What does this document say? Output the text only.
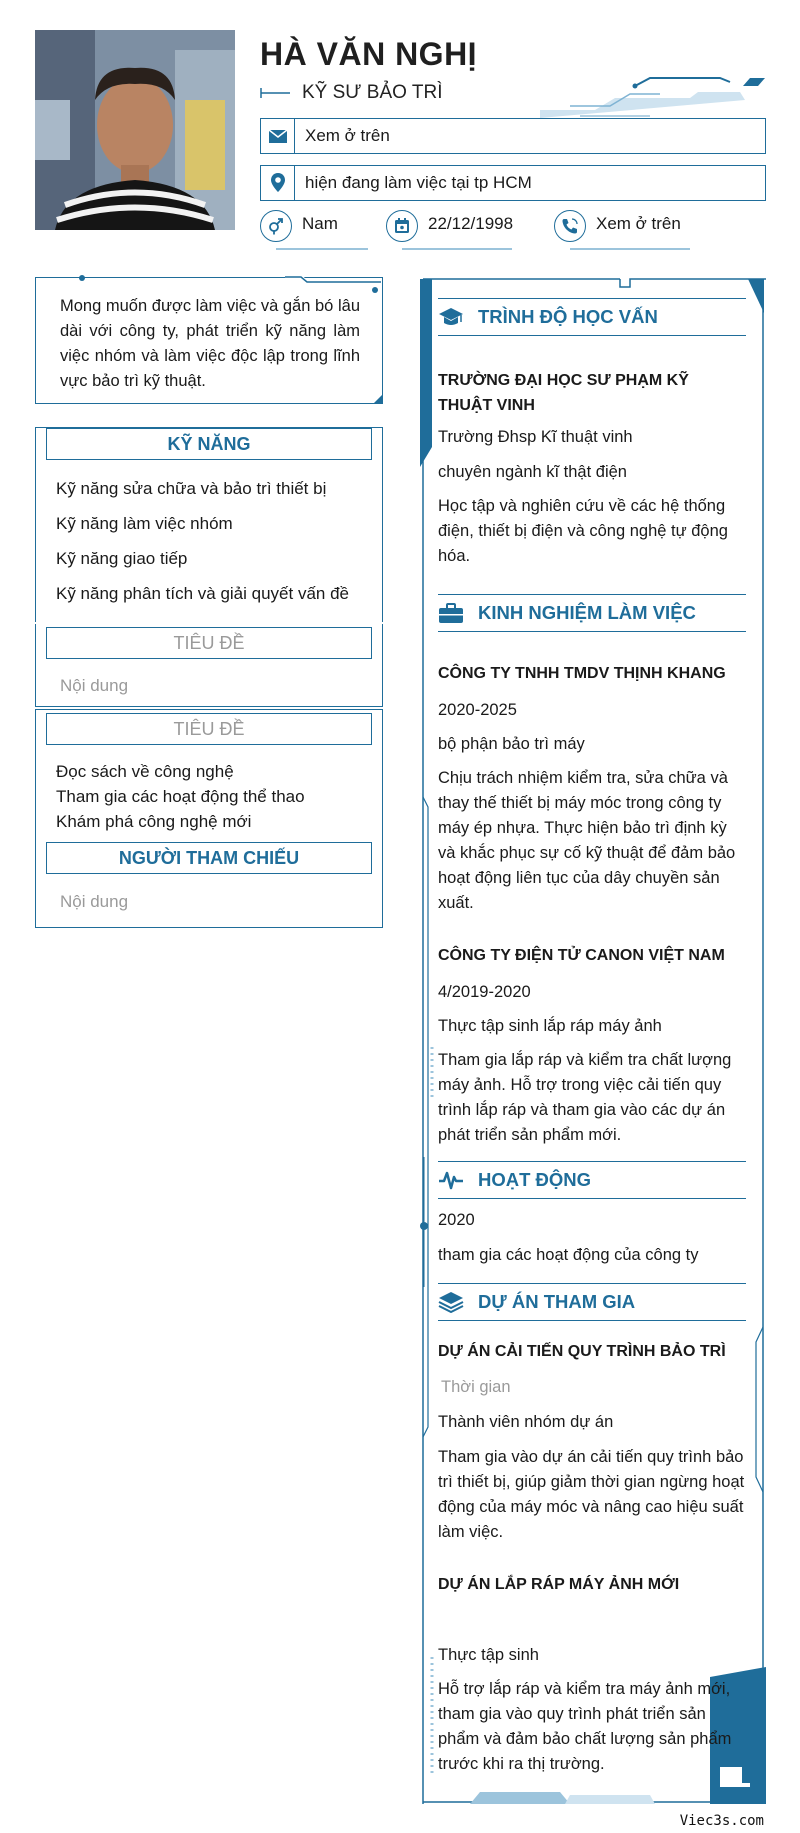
HÀ VĂN NGHỊ
KỸ SƯ BẢO TRÌ
Xem ở trên
hiện đang làm việc tại tp HCM
Nam	22/12/1998	Xem ở trên

Mong muốn được làm việc và gắn bó lâu dài với công ty, phát triển kỹ năng làm việc nhóm và làm việc độc lập trong lĩnh vực bảo trì kỹ thuật.

KỸ NĂNG
Kỹ năng sửa chữa và bảo trì thiết bị
Kỹ năng làm việc nhóm
Kỹ năng giao tiếp
Kỹ năng phân tích và giải quyết vấn đề
TIÊU ĐỀ
Nội dung
TIÊU ĐỀ
Đọc sách về công nghệ
Tham gia các hoạt động thể thao
Khám phá công nghệ mới
NGƯỜI THAM CHIẾU
Nội dung
TRÌNH ĐỘ HỌC VẤN
TRƯỜNG ĐẠI HỌC SƯ PHẠM KỸ THUẬT VINH
Trường Đhsp Kĩ thuật vinh
chuyên ngành kĩ thật điện
Học tập và nghiên cứu về các hệ thống điện, thiết bị điện và công nghệ tự động hóa.
KINH NGHIỆM LÀM VIỆC
CÔNG TY TNHH TMDV THỊNH KHANG
2020-2025
bộ phận bảo trì máy
Chịu trách nhiệm kiểm tra, sửa chữa và thay thế thiết bị máy móc trong công ty máy ép nhựa. Thực hiện bảo trì định kỳ và khắc phục sự cố kỹ thuật để đảm bảo hoạt động liên tục của dây chuyền sản xuất.
CÔNG TY ĐIỆN TỬ CANON VIỆT NAM
4/2019-2020
Thực tập sinh lắp ráp máy ảnh
Tham gia lắp ráp và kiểm tra chất lượng máy ảnh. Hỗ trợ trong việc cải tiến quy trình lắp ráp và tham gia vào các dự án phát triển sản phẩm mới.
HOẠT ĐỘNG
2020
tham gia các hoạt động của công ty
DỰ ÁN THAM GIA
DỰ ÁN CẢI TIẾN QUY TRÌNH BẢO TRÌ
Thời gian
Thành viên nhóm dự án
Tham gia vào dự án cải tiến quy trình bảo trì thiết bị, giúp giảm thời gian ngừng hoạt động của máy móc và nâng cao hiệu suất làm việc.
DỰ ÁN LẮP RÁP MÁY ẢNH MỚI
Thực tập sinh
Hỗ trợ lắp ráp và kiểm tra máy ảnh mới, tham gia vào quy trình phát triển sản phẩm và đảm bảo chất lượng sản phẩm trước khi ra thị trường.
Viec3s.com
